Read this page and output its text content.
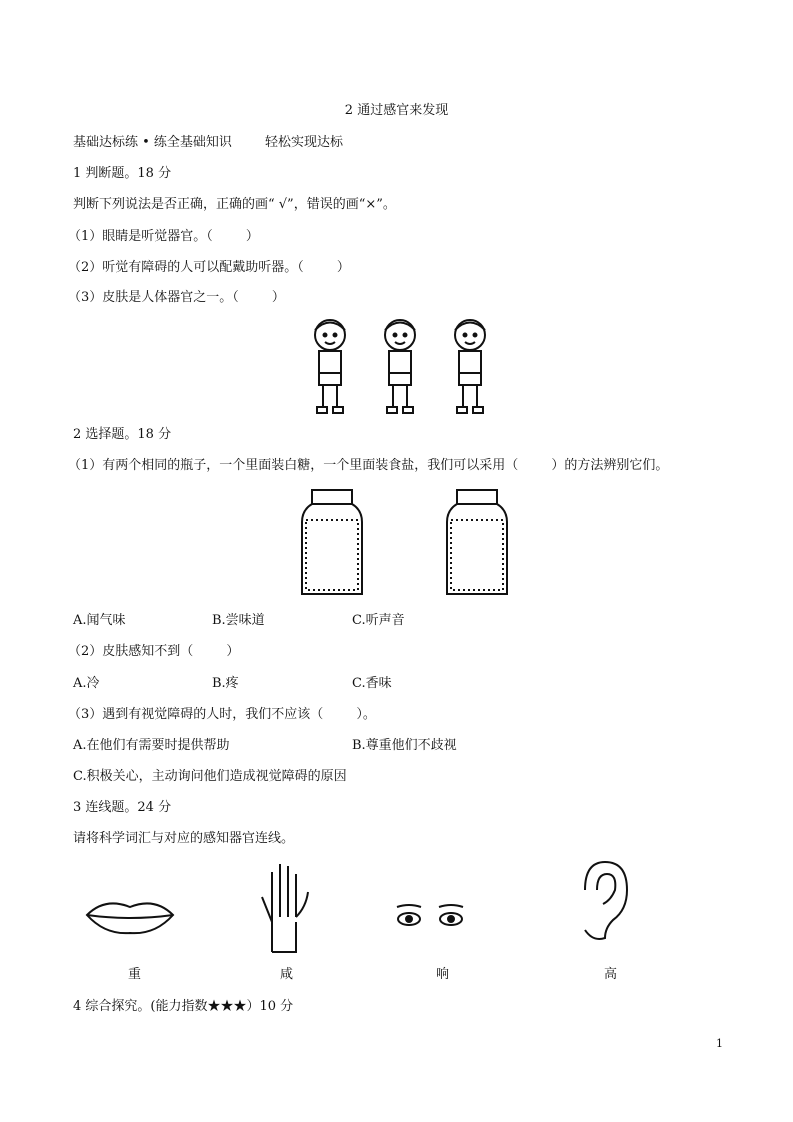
2 通过感官来发现
基础达标练 • 练全基础知识        轻松实现达标
1 判断题。18 分
判断下列说法是否正确，正确的画“ √”，错误的画“×”。
（1）眼睛是听觉器官。（        ）
（2）听觉有障碍的人可以配戴助听器。（        ）
（3）皮肤是人体器官之一。（        ）
2 选择题。18 分
（1）有两个相同的瓶子，一个里面装白糖，一个里面装食盐，我们可以采用（        ）的方法辨别它们。
A.闻气味	B.尝味道	C.听声音
（2）皮肤感知不到（        ）
A.冷	B.疼	C.香味
（3）遇到有视觉障碍的人时，我们不应该（        ）。
A.在他们有需要时提供帮助	B.尊重他们不歧视
C.积极关心，主动询问他们造成视觉障碍的原因
3 连线题。24 分
请将科学词汇与对应的感知器官连线。
重	咸	响	高
4 综合探究。(能力指数★★★）10 分
1
